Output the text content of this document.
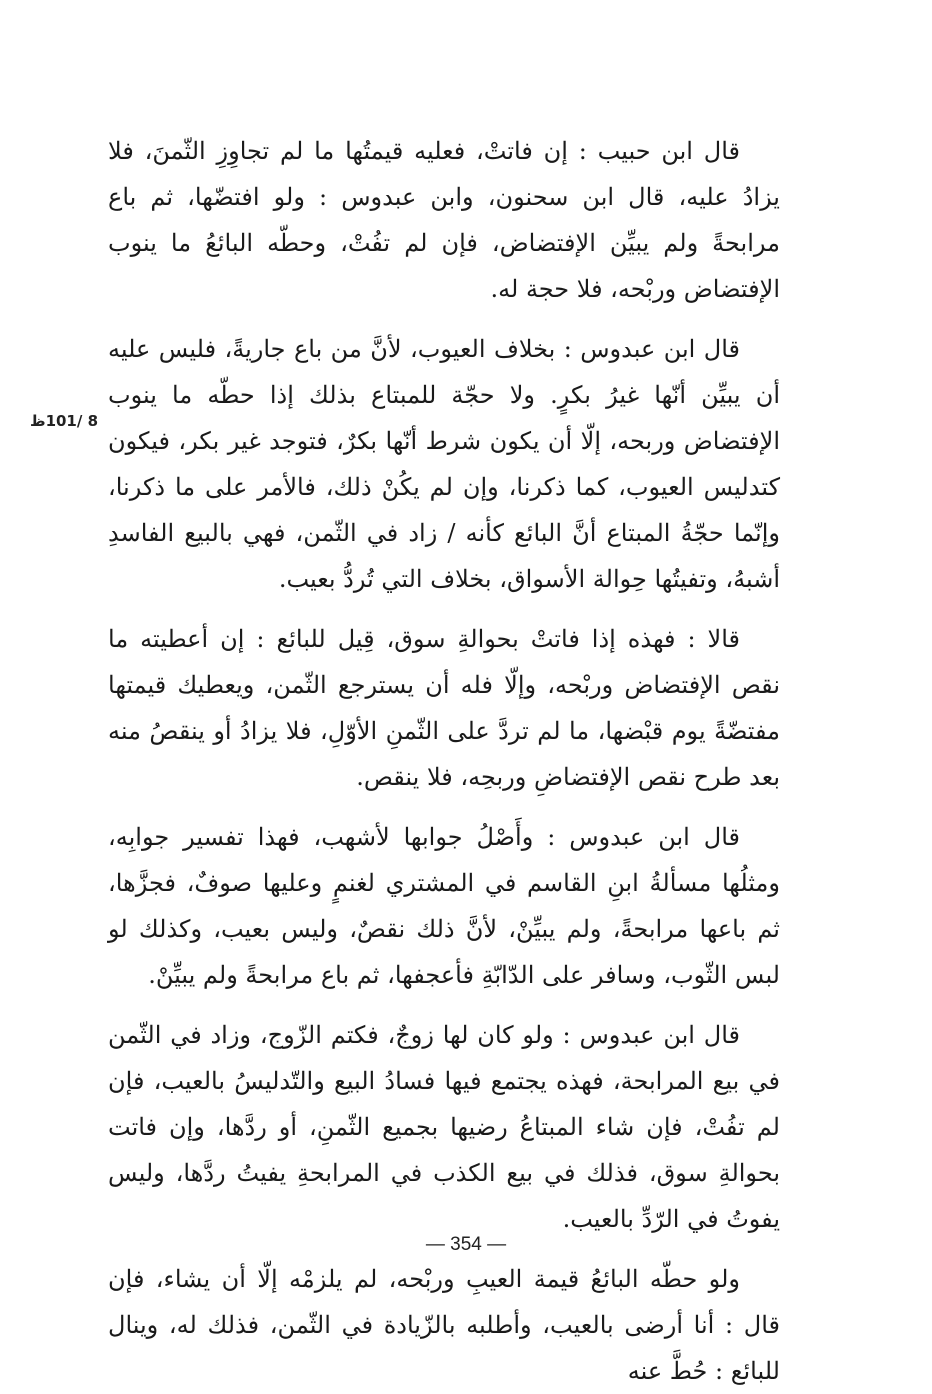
قال ابن حبيب : إن فاتتْ، فعليه قيمتُها ما لم تجاوِزِ الثّمنَ، فلا يزادُ عليه، قال ابن سحنون، وابن عبدوس : ولو افتضّها، ثم باع مرابحةً ولم يبيِّن الإفتضاض، فإن لم تفُتْ، وحطّه البائعُ ما ينوب الإفتضاض وربْحه، فلا حجة له.

قال ابن عبدوس : بخلاف العيوب، لأنَّ من باع جاريةً، فليس عليه أن يبيِّن أنّها غيرُ بكرٍ. ولا حجّة للمبتاع بذلك إذا حطّه ما ينوب الإفتضاض وربحه، إلّا أن يكون شرط أنّها بكرٌ، فتوجد غير بكر، فيكون كتدليس العيوب، كما ذكرنا، وإن لم يكُنْ ذلك، فالأمر على ما ذكرنا، وإنّما حجّةُ المبتاع أنَّ البائع كأنه / زاد في الثّمن، فهي بالبيع الفاسدِ أشبهُ، وتفيتُها حِوالة الأسواق، بخلاف التي تُردُّ بعيب.

قالا : فهذه إذا فاتتْ بحوالةِ سوق، قِيل للبائع : إن أعطيته ما نقص الإفتضاض وربْحه، وإلّا فله أن يسترجع الثّمن، ويعطيك قيمتها مفتضّةً يوم قبْضها، ما لم تردَّ على الثّمنِ الأوّلِ، فلا يزادُ أو ينقصُ منه بعد طرح نقص الإفتضاضِ وربحِه، فلا ينقص.

قال ابن عبدوس : وأَصْلُ جوابها لأشهب، فهذا تفسير جوابِه، ومثلُها مسألةُ ابنِ القاسم في المشتري لغنمٍ وعليها صوفٌ، فجزَّها، ثم باعها مرابحةً، ولم يبيِّنْ، لأنَّ ذلك نقصٌ، وليس بعيب، وكذلك لو لبس الثّوب، وسافر على الدّابّةِ فأعجفها، ثم باع مرابحةً ولم يبيِّنْ.

قال ابن عبدوس : ولو كان لها زوجٌ، فكتم الزّوج، وزاد في الثّمن في بيع المرابحة، فهذه يجتمع فيها فسادُ البيع والتّدليسُ بالعيب، فإن لم تفُتْ، فإن شاء المبتاعُ رضيها بجميع الثّمنِ، أو ردَّها، وإن فاتت بحوالةِ سوق، فذلك في بيع الكذب في المرابحةِ يفيتُ ردَّها، وليس يفوتُ في الرّدِّ بالعيب.

ولو حطّه البائعُ قيمة العيبِ وربْحه، لم يلزمْه إلّا أن يشاء، فإن قال : أنا أرضى بالعيب، وأطلبه بالزّيادة في الثّمن، فذلك له، وينال للبائع : حُطَّ عنه

8 /101ظ
— 354 —
